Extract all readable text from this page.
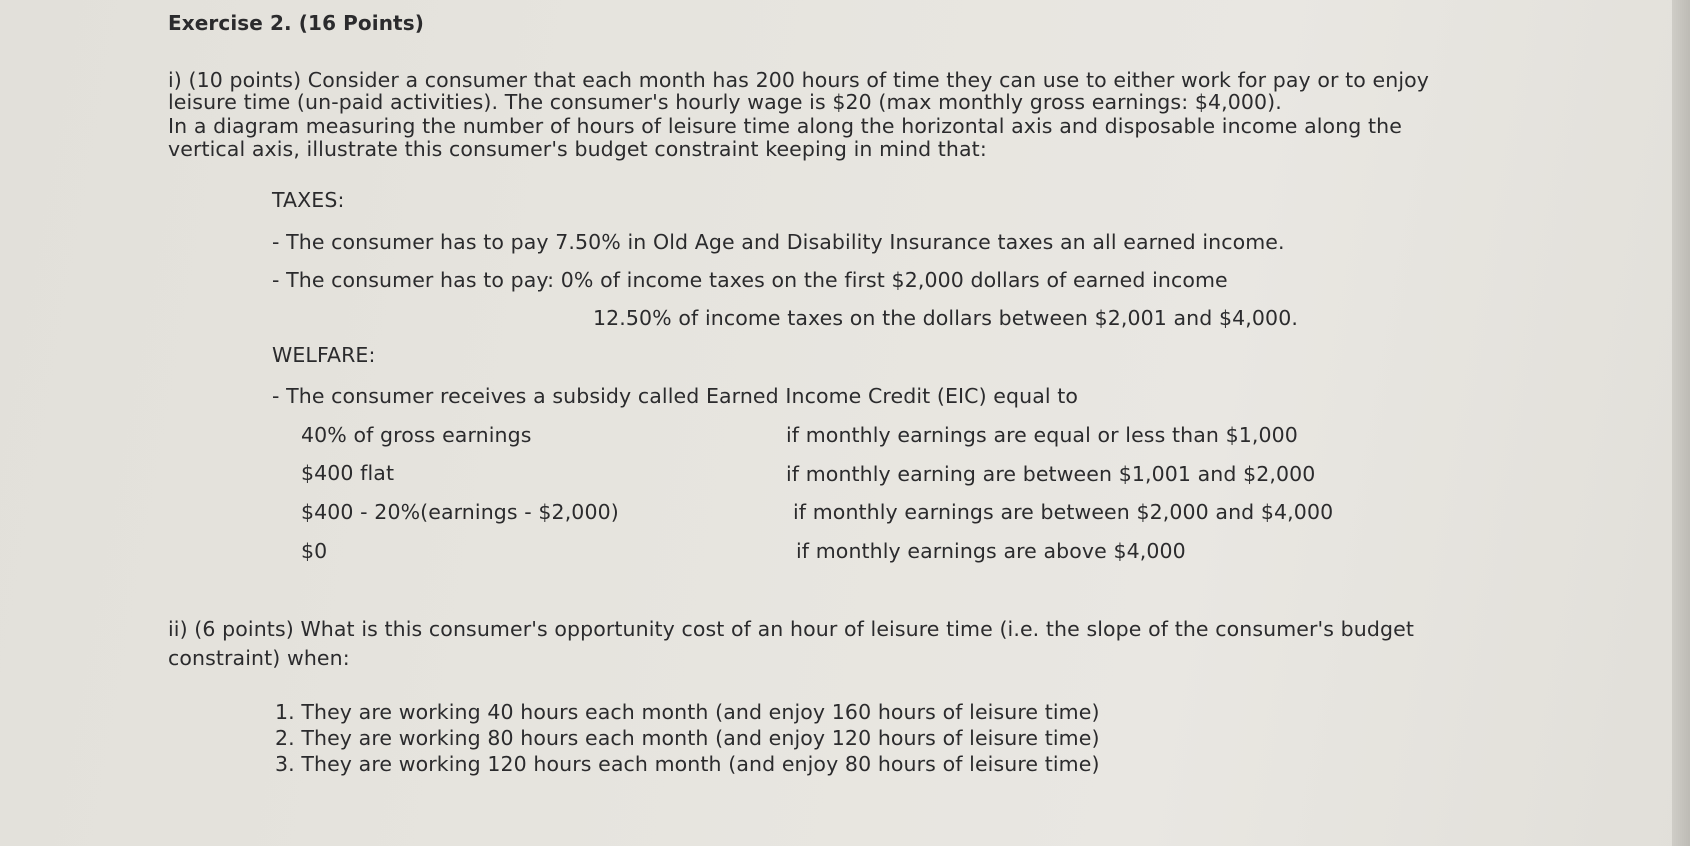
Exercise 2. (16 Points)
i) (10 points) Consider a consumer that each month has 200 hours of time they can use to either work for pay or to enjoy
leisure time (un-paid activities). The consumer's hourly wage is $20 (max monthly gross earnings: $4,000).
In a diagram measuring the number of hours of leisure time along the horizontal axis and disposable income along the
vertical axis, illustrate this consumer's budget constraint keeping in mind that:
TAXES:
- The consumer has to pay 7.50% in Old Age and Disability Insurance taxes an all earned income.
- The consumer has to pay: 0% of income taxes on the first $2,000 dollars of earned income
12.50% of income taxes on the dollars between $2,001 and $4,000.
WELFARE:
- The consumer receives a subsidy called Earned Income Credit (EIC) equal to
40% of gross earnings	if monthly earnings are equal or less than $1,000
$400 flat	if monthly earning are between $1,001 and $2,000
$400 - 20%(earnings - $2,000)	if monthly earnings are between $2,000 and $4,000
$0	if monthly earnings are above $4,000
ii) (6 points) What is this consumer's opportunity cost of an hour of leisure time (i.e. the slope of the consumer's budget
constraint) when:
1. They are working 40 hours each month (and enjoy 160 hours of leisure time)
2. They are working 80 hours each month (and enjoy 120 hours of leisure time)
3. They are working 120 hours each month (and enjoy 80 hours of leisure time)
